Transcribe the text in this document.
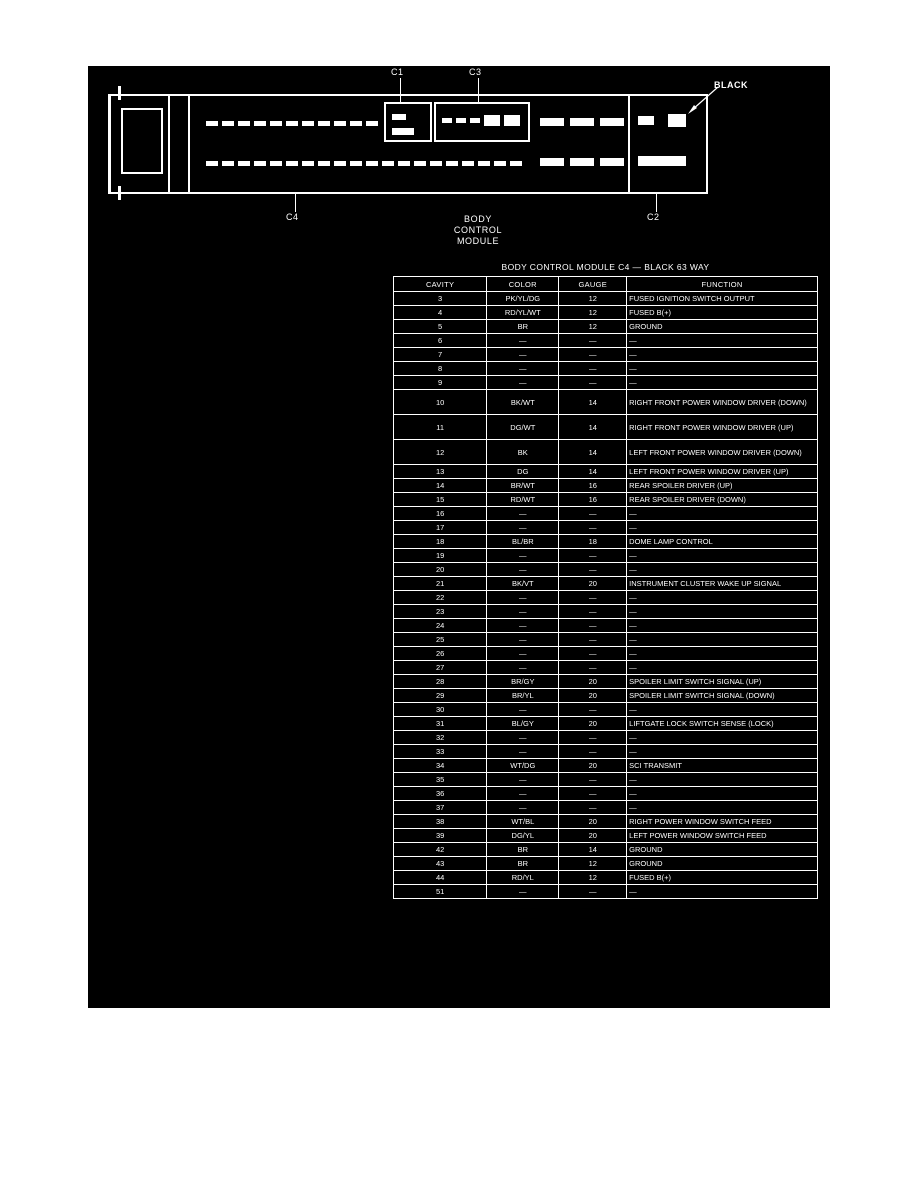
C1	C3
C4	C2
BLACK
BODY
CONTROL
MODULE
BODY CONTROL MODULE C4 — BLACK 63 WAY
CAVITY	COLOR	GAUGE	FUNCTION
3	PK/YL/DG	12	FUSED IGNITION SWITCH OUTPUT
4	RD/YL/WT	12	FUSED B(+)
5	BR	12	GROUND
6	—	—	—
7	—	—	—
8	—	—	—
9	—	—	—
10	BK/WT	14	RIGHT FRONT POWER WINDOW DRIVER (DOWN)
11	DG/WT	14	RIGHT FRONT POWER WINDOW DRIVER (UP)
12	BK	14	LEFT FRONT POWER WINDOW DRIVER (DOWN)
13	DG	14	LEFT FRONT POWER WINDOW DRIVER (UP)
14	BR/WT	16	REAR SPOILER DRIVER (UP)
15	RD/WT	16	REAR SPOILER DRIVER (DOWN)
16	—	—	—
17	—	—	—
18	BL/BR	18	DOME LAMP CONTROL
19	—	—	—
20	—	—	—
21	BK/VT	20	INSTRUMENT CLUSTER WAKE UP SIGNAL
22	—	—	—
23	—	—	—
24	—	—	—
25	—	—	—
26	—	—	—
27	—	—	—
28	BR/GY	20	SPOILER LIMIT SWITCH SIGNAL (UP)
29	BR/YL	20	SPOILER LIMIT SWITCH SIGNAL (DOWN)
30	—	—	—
31	BL/GY	20	LIFTGATE LOCK SWITCH SENSE (LOCK)
32	—	—	—
33	—	—	—
34	WT/DG	20	SCI TRANSMIT
35	—	—	—
36	—	—	—
37	—	—	—
38	WT/BL	20	RIGHT POWER WINDOW SWITCH FEED
39	DG/YL	20	LEFT POWER WINDOW SWITCH FEED
42	BR	14	GROUND
43	BR	12	GROUND
44	RD/YL	12	FUSED B(+)
51	—	—	—
